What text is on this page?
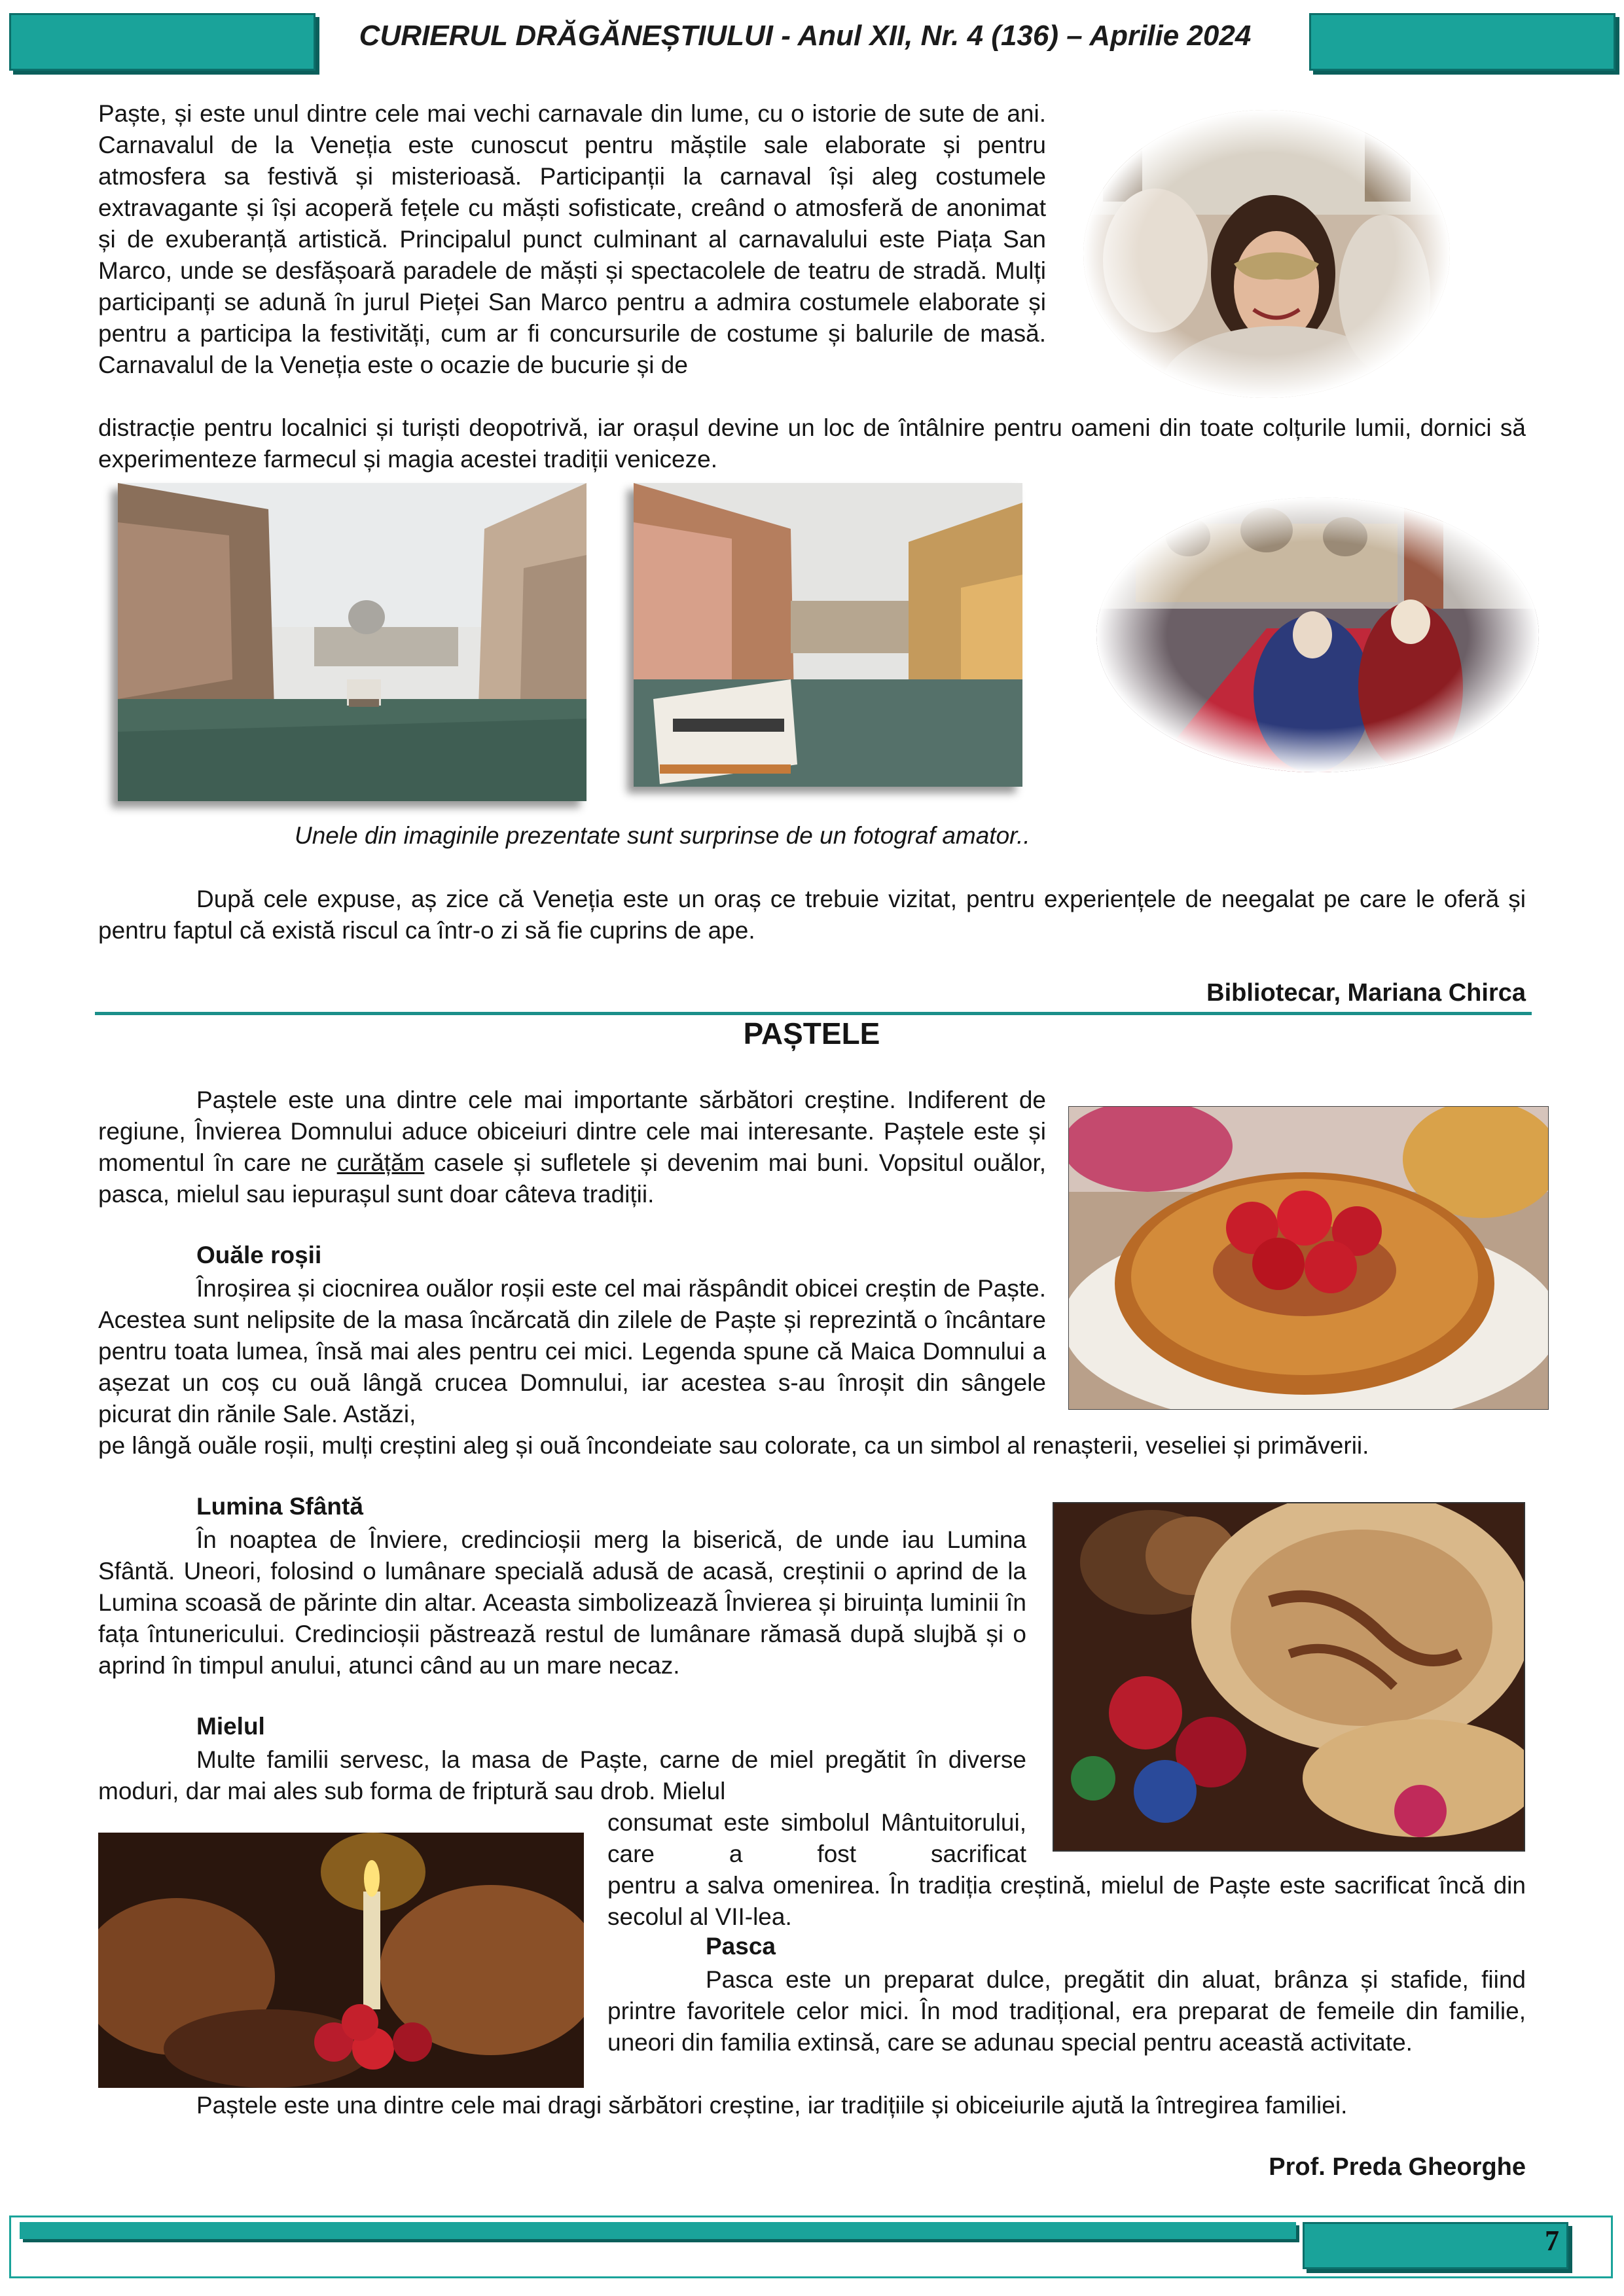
CURIERUL DRĂGĂNEȘTIULUI - Anul XII, Nr. 4 (136) – Aprilie 2024
Paște, și este unul dintre cele mai vechi carnavale din lume, cu o istorie de sute de ani. Carnavalul de la Veneția este cunoscut pentru măștile sale elaborate și pentru atmosfera sa festivă și misterioasă. Participanții la carnaval își aleg costumele extravagante și își acoperă fețele cu măști sofisticate, creând o atmosferă de anonimat și de exuberanță artistică. Principalul punct culminant al carnavalului este Piața San Marco, unde se desfășoară paradele de măști și spectacolele de teatru de stradă. Mulți participanți se adună în jurul Pieței San Marco pentru a admira costumele elaborate și pentru a participa la festivități, cum ar fi concursurile de costume și balurile de masă. Carnavalul de la Veneția este o ocazie de bucurie și de
distracție pentru localnici și turiști deopotrivă, iar orașul devine un loc de întâlnire pentru oameni din toate colțurile lumii, dornici să experimenteze farmecul și magia acestei tradiții veniceze.
Unele din imaginile prezentate sunt surprinse de un fotograf amator..
După cele expuse, aș zice că Veneția este un oraș ce trebuie vizitat, pentru experiențele de neegalat pe care le oferă și pentru faptul că există riscul ca într-o zi să fie cuprins de ape.
Bibliotecar, Mariana Chirca
PAȘTELE
Paștele este una dintre cele mai importante sărbători creștine. Indiferent de regiune, Învierea Domnului aduce obiceiuri dintre cele mai interesante. Paștele este și momentul în care ne curățăm casele și sufletele și devenim mai buni. Vopsitul ouălor, pasca, mielul sau iepurașul sunt doar câteva tradiții.
Ouăle roșii
Înroșirea și ciocnirea ouălor roșii este cel mai răspândit obicei creștin de Paște. Acestea sunt nelipsite de la masa încărcată din zilele de Paște și reprezintă o încântare pentru toata lumea, însă mai ales pentru cei mici. Legenda spune că Maica Domnului a așezat un coș cu ouă lângă crucea Domnului, iar acestea s-au înroșit din sângele picurat din rănile Sale. Astăzi,
pe lângă ouăle roșii, mulți creștini aleg și ouă încondeiate sau colorate, ca un simbol al renașterii, veseliei și primăverii.
Lumina Sfântă
În noaptea de Înviere, credincioșii merg la biserică, de unde iau Lumina Sfântă. Uneori, folosind o lumânare specială adusă de acasă, creștinii o aprind de la Lumina scoasă de părinte din altar. Aceasta simbolizează Învierea și biruința luminii în fața întunericului. Credincioșii păstrează restul de lumânare rămasă după slujbă și o aprind în timpul anului, atunci când au un mare necaz.
Mielul
Multe familii servesc, la masa de Paște, carne de miel pregătit în diverse moduri, dar mai ales sub forma de friptură sau drob. Mielul
consumat este simbolul Mântuitorului, care a fost sacrificat
pentru a salva omenirea. În tradiția creștină, mielul de Paște este sacrificat încă din secolul al VII-lea.
Pasca
Pasca este un preparat dulce, pregătit din aluat, brânza și stafide, fiind printre favoritele celor mici. În mod tradițional, era preparat de femeile din familie, uneori din familia extinsă, care se adunau special pentru această activitate.
Paștele este una dintre cele mai dragi sărbători creștine, iar tradițiile și obiceiurile ajută la întregirea familiei.
Prof. Preda Gheorghe
7
